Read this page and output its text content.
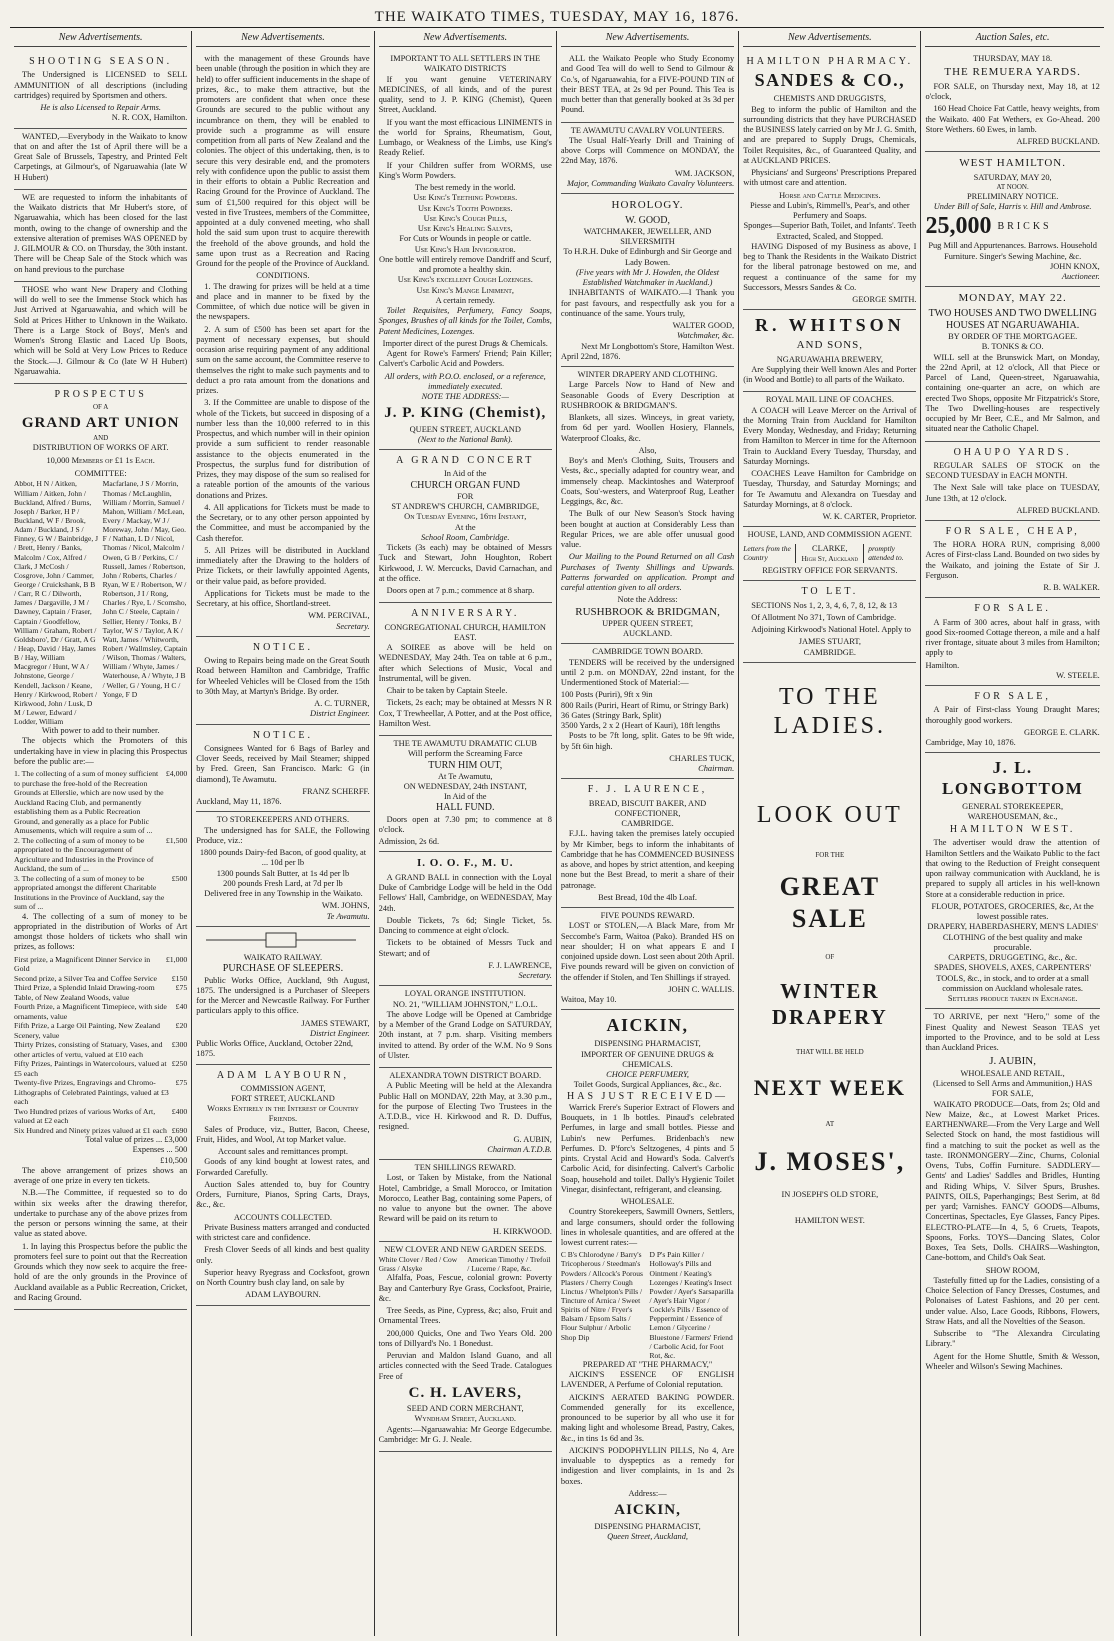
THE WAIKATO TIMES, TUESDAY, MAY 16, 1876.
New Advertisements.
SHOOTING SEASON.

The Undersigned is LICENSED to SELL AMMUNITION of all descriptions (including cartridges) required by Sportsmen and others.

He is also Licensed to Repair Arms.
N. R. COX, Hamilton.

WANTED,—Everybody in the Waikato to know that on and after the 1st of April there will be a Great Sale of Brussels, Tapestry, and Printed Felt Carpetings, at Gilmour's, of Ngaruawahia (late W H Hubert)

WE are requested to inform the inhabitants of the Waikato districts that Mr Hubert's store, of Ngaruawahia, which has been closed for the last month, owing to the change of ownership and the extensive alteration of premises WAS OPENED by J. GILMOUR & CO. on Thursday, the 30th instant. There will be Cheap Sale of the Stock which was on hand previous to the purchase

THOSE who want New Drapery and Clothing will do well to see the Immense Stock which has Just Arrived at Ngaruawahia, and which will be Sold at Prices Hither to Unknown in the Waikato. There is a Large Stock of Boys', Men's and Women's Strong Elastic and Laced Up Boots, which will be Sold at Very Low Prices to Reduce the Stock.—J. Gilmour & Co (late W H Hubert) Ngaruawahia.

PROSPECTUS
OF A
GRAND ART UNION
AND
DISTRIBUTION OF WORKS OF ART.
10,000 Members of £1 1s Each.
COMMITTEE:
Abbot, H N / Aitken, William / Aitken, John / Buckland, Alfred / Burns, Joseph / Barker, H P / Buckland, W F / Brook, Adam / Buckland, J S / Finney, G W / Bainbridge, J / Brett, Henry / Banks, Malcolm / Cox, Alfred / Clark, J McCosh / Cosgrove, John / Cammer, George / Cruickshank, B B / Carr, R C / Dilworth, James / Dargaville, J M / Dawney, Captain / Fraser, Captain / Goodfellow, William / Graham, Robert / Goldsboro', Dr / Gratt, A G / Heap, David / Hay, James B / Hay, William Macgregor / Hunt, W A / Johnstone, George / Kendell, Jackson / Keane, Henry / Kirkwood, Robert / Kirkwood, John / Lusk, D M / Lewer, Edward / Lodder, William
Macfarlane, J S / Morrin, Thomas / McLaughlin, William / Morrin, Samuel / Mahon, William / McLean, Every / Mackay, W J / Moreway, John / May, Geo. F / Nathan, L D / Nicol, Thomas / Nicol, Malcolm / Owen, G B / Perkins, C / Russell, James / Robertson, John / Roberts, Charles / Ryan, W E / Robertson, W / Robertson, J I / Rong, Charles / Rye, L / Scomsho, John C / Steele, Captain / Sellier, Henry / Tonks, B / Taylor, W S / Taylor, A K / Watt, James / Whitworth, Robert / Wallmsley, Captain / Wilson, Thomas / Walters, William / Whyte, James / Waterhouse, A / Whyte, J B / Weller, G / Young, H C / Yonge, F D
With power to add to their number.

The objects which the Promoters of this undertaking have in view in placing this Prospectus before the public are:—

1. The collecting of a sum of money sufficient to purchase the free-hold of the Recreation Grounds at Ellerslie, which are now used by the Auckland Racing Club, and permanently establishing them as a Public Recreation Ground, and generally as a place for Public Amusements, which will require a sum of ...
£4,000
2. The collecting of a sum of money to be appropriated to the Encouragement of Agriculture and Industries in the Province of Auckland, the sum of ...
£1,500
3. The collecting of a sum of money to be appropriated amongst the different Charitable Institutions in the Province of Auckland, say the sum of ...
£500

4. The collecting of a sum of money to be appropriated in the distribution of Works of Art amongst those holders of tickets who shall win prizes, as follows:

First prize, a Magnificent Dinner Service in Gold
£1,000
Second prize, a Silver Tea and Coffee Service £150
Third Prize, a Splendid Inlaid Drawing-room Table, of New Zealand Woods, value
£75
Fourth Prize, a Magnificent Timepiece, with side ornaments, value
£40
Fifth Prize, a Large Oil Painting, New Zealand Scenery, value
£20
Thirty Prizes, consisting of Statuary, Vases, and other articles of vertu, valued at £10 each
£300
Fifty Prizes, Paintings in Watercolours, valued at £5 each
£250
Twenty-five Prizes, Engravings and Chromo-Lithographs of Celebrated Paintings, valued at £3 each
£75
Two Hundred prizes of various Works of Art, valued at £2 each
£400
Six Hundred and Ninety prizes valued at £1 each £690
Total value of prizes ... £3,000
Expenses ... 500
£10,500

The above arrangement of prizes shows an average of one prize in every ten tickets.

N.B.—The Committee, if requested so to do within six weeks after the drawing therefor, undertake to purchase any of the above prizes from the person or persons winning the same, at their value as stated above.

1. In laying this Prospectus before the public the promoters feel sure to point out that the Recreation Grounds which they now seek to acquire the free-hold of are the only grounds in the Province of Auckland available as a Public Recreation, Cricket, and Racing Ground.

New Advertisements.

with the management of these Grounds have been unable (through the position in which they are held) to offer sufficient inducements in the shape of prizes, &c., to make them attractive, but the promoters are confident that when once these Grounds are secured to the public without any incumbrance on them, they will be enabled to provide such a programme as will ensure competition from all parts of New Zealand and the colonies. The object of this undertaking, then, is to secure this very desirable end, and the promoters rely with confidence upon the public to assist them in their efforts to obtain a Public Recreation and Racing Ground for the Province of Auckland. The sum of £1,500 required for this object will be vested in five Trustees, members of the Committee, appointed at a duly convened meeting, who shall hold the said sum upon trust to acquire therewith the freehold of the above grounds, and hold the same upon trust as a Recreation and Racing Ground for the people of the Province of Auckland.

CONDITIONS.

1. The drawing for prizes will be held at a time and place and in manner to be fixed by the Committee, of which due notice will be given in the newspapers.

2. A sum of £500 has been set apart for the payment of necessary expenses, but should occasion arise requiring payment of any additional sum on the same account, the Committee reserve to themselves the right to make such payments and to deduct a pro rata amount from the donations and prizes.

3. If the Committee are unable to dispose of the whole of the Tickets, but succeed in disposing of a number less than the 10,000 referred to in this Prospectus, and which number will in their opinion provide a sum sufficient to render reasonable assistance to the objects enumerated in the Prospectus, the surplus fund for distribution of Prizes, they may dispose of the sum so realised for a rateable portion of the amounts of the various donations and Prizes.

4. All applications for Tickets must be made to the Secretary, or to any other person appointed by the Committee, and must be accompanied by the Cash therefor.

5. All Prizes will be distributed in Auckland immediately after the Drawing to the holders of Prize Tickets, or their lawfully appointed Agents, or their value paid, as before provided.

Applications for Tickets must be made to the Secretary, at his office, Shortland-street.

WM. PERCIVAL,
Secretary.
NOTICE.

Owing to Repairs being made on the Great South Road between Hamilton and Cambridge, Traffic for Wheeled Vehicles will be Closed from the 15th to 30th May, at Martyn's Bridge. By order.

A. C. TURNER,
District Engineer.
NOTICE.

Consignees Wanted for 6 Bags of Barley and Clover Seeds, received by Mail Steamer; shipped by Fred. Green, San Francisco. Mark: G (in diamond), Te Awamutu.

FRANZ SCHERFF.
Auckland, May 11, 1876.
TO STOREKEEPERS AND OTHERS.

The undersigned has for SALE, the Following Produce, viz.:

1800 pounds Dairy-fed Bacon, of good quality, at ... 10d per lb
1300 pounds Salt Butter, at 1s 4d per lb
200 pounds Fresh Lard, at 7d per lb

Delivered free in any Township in the Waikato.

WM. JOHNS,
Te Awamutu.
WAIKATO RAILWAY.
PURCHASE OF SLEEPERS.

Public Works Office, Auckland, 9th August, 1875. The undersigned is a Purchaser of Sleepers for the Mercer and Newcastle Railway. For Further particulars apply to this office.

JAMES STEWART,
District Engineer.
Public Works Office, Auckland, October 22nd, 1875.
ADAM LAYBOURN,
COMMISSION AGENT,
FORT STREET, AUCKLAND
Works Entirely in the Interest of Country Friends.

Sales of Produce, viz., Butter, Bacon, Cheese, Fruit, Hides, and Wool, At top Market value.

Account sales and remittances prompt.

Goods of any kind bought at lowest rates, and Forwarded Carefully.

Auction Sales attended to, buy for Country Orders, Furniture, Pianos, Spring Carts, Drays, &c., &c.

ACCOUNTS COLLECTED.

Private Business matters arranged and conducted with strictest care and confidence.

Fresh Clover Seeds of all kinds and best quality only.

Superior heavy Ryegrass and Cocksfoot, grown on North Country bush clay land, on sale by

ADAM LAYBOURN.
New Advertisements.
IMPORTANT TO ALL SETTLERS IN THE WAIKATO DISTRICTS

If you want genuine VETERINARY MEDICINES, of all kinds, and of the purest quality, send to J. P. KING (Chemist), Queen Street, Auckland.

If you want the most efficacious LINIMENTS in the world for Sprains, Rheumatism, Gout, Lumbago, or Weakness of the Limbs, use King's Ready Relief.

If your Children suffer from WORMS, use King's Worm Powders.

The best remedy in the world.
Use King's Teething Powders.
Use King's Tooth Powders.
Use King's Cough Pills,
Use King's Healing Salves,
For Cuts or Wounds in people or cattle.
Use King's Hair Invigorator.
One bottle will entirely remove Dandriff and Scurf, and promote a healthy skin.
Use King's excellent Cough Lozenges.
Use King's Mange Liniment,
A certain remedy.

Toilet Requisites, Perfumery, Fancy Soaps, Sponges, Brushes of all kinds for the Toilet, Combs, Patent Medicines, Lozenges.

Importer direct of the purest Drugs & Chemicals.

Agent for Rowe's Farmers' Friend; Pain Killer; Calvert's Carbolic Acid and Powders.

All orders, with P.O.O. enclosed, or a reference, immediately executed.
NOTE THE ADDRESS:—
J. P. KING (Chemist),
QUEEN STREET, AUCKLAND
(Next to the National Bank).
A GRAND CONCERT
In Aid of the
CHURCH ORGAN FUND
FOR
ST ANDREW'S CHURCH, CAMBRIDGE,
On Tuesday Evening, 16th Instant,
At the
School Room, Cambridge.

Tickets (3s each) may be obtained of Messrs Tuck and Stewart, John Houghton, Robert Kirkwood, J. W. Mercucks, David Carnachan, and at the office.

Doors open at 7 p.m.; commence at 8 sharp.

ANNIVERSARY.
CONGREGATIONAL CHURCH, HAMILTON EAST.

A SOIREE as above will be held on WEDNESDAY, May 24th. Tea on table at 6 p.m., after which Selections of Music, Vocal and Instrumental, will be given.

Chair to be taken by Captain Steele.

Tickets, 2s each; may be obtained at Messrs N R Cox, T Trewheellar, A Potter, and at the Post office, Hamilton West.

THE TE AWAMUTU DRAMATIC CLUB
Will perform the Screaming Farce
TURN HIM OUT,
At Te Awamutu,
ON WEDNESDAY, 24th INSTANT,
In Aid of the
HALL FUND.

Doors open at 7.30 pm; to commence at 8 o'clock.

Admission, 2s 6d.
I. O. O. F., M. U.

A GRAND BALL in connection with the Loyal Duke of Cambridge Lodge will be held in the Odd Fellows' Hall, Cambridge, on WEDNESDAY, May 24th.

Double Tickets, 7s 6d; Single Ticket, 5s. Dancing to commence at eight o'clock.

Tickets to be obtained of Messrs Tuck and Stewart; and of

F. J. LAWRENCE,
Secretary.
LOYAL ORANGE INSTITUTION.
NO. 21, "WILLIAM JOHNSTON," L.O.L.

The above Lodge will be Opened at Cambridge by a Member of the Grand Lodge on SATURDAY, 20th instant, at 7 p.m. sharp. Visiting members invited to attend. By order of the W.M. No 9 Sons of Ulster.

ALEXANDRA TOWN DISTRICT BOARD.

A Public Meeting will be held at the Alexandra Public Hall on MONDAY, 22th May, at 3.30 p.m., for the purpose of Electing Two Trustees in the A.T.D.B., vice H. Kirkwood and R. D. Duffus, resigned.

G. AUBIN,
Chairman A.T.D.B.
TEN SHILLINGS REWARD.

Lost, or Taken by Mistake, from the National Hotel, Cambridge, a Small Morocco, or Imitation Morocco, Leather Bag, containing some Papers, of no value to anyone but the owner. The above Reward will be paid on its return to

H. KIRKWOOD.
NEW CLOVER AND NEW GARDEN SEEDS.
White Clover / Red / Cow Grass / Alsyke
American Timothy / Trefoil / Lucerne / Rape, &c.

Alfalfa, Poas, Fescue, colonial grown: Poverty Bay and Canterbury Rye Grass, Cocksfoot, Prairie, &c.

Tree Seeds, as Pine, Cypress, &c; also, Fruit and Ornamental Trees.

200,000 Quicks, One and Two Years Old. 200 tons of Dillyard's No. 1 Bonedust.

Peruvian and Maldon Island Guano, and all articles connected with the Seed Trade. Catalogues Free of

C. H. LAVERS,
SEED AND CORN MERCHANT,
Wyndham Street, Auckland.

Agents:—Ngaruawahia: Mr George Edgecumbe. Cambridge: Mr G. J. Neale.

New Advertisements.

ALL the Waikato People who Study Economy and Good Tea will do well to Send to Gilmour & Co.'s, of Ngaruawahia, for a FIVE-POUND TIN of their BEST TEA, at 2s 9d per Pound. This Tea is much better than that generally booked at 3s 3d per Pound.

TE AWAMUTU CAVALRY VOLUNTEERS.

The Usual Half-Yearly Drill and Training of above Corps will Commence on MONDAY, the 22nd May, 1876.

WM. JACKSON,
Major, Commanding Waikato Cavalry Volunteers.
HOROLOGY.
W. GOOD,
WATCHMAKER, JEWELLER, AND SILVERSMITH
To H.R.H. Duke of Edinburgh and Sir George and Lady Bowen.
(Five years with Mr J. Howden, the Oldest Established Watchmaker in Auckland.)

INHABITANTS of WAIKATO.—I Thank you for past favours, and respectfully ask you for a continuance of the same. Yours truly,

WALTER GOOD,
Watchmaker, &c.
Next Mr Longbottom's Store, Hamilton West.
April 22nd, 1876.
WINTER DRAPERY AND CLOTHING.

Large Parcels Now to Hand of New and Seasonable Goods of Every Description at RUSHBROOK & BRIDGMAN'S.

Blankets, all sizes. Winceys, in great variety, from 6d per yard. Woollen Hosiery, Flannels, Waterproof Cloaks, &c.

Also,

Boy's and Men's Clothing, Suits, Trousers and Vests, &c., specially adapted for country wear, and immensely cheap. Mackintoshes and Waterproof Coats, Sou'-westers, and Waterproof Rug, Leather Leggings, &c, &c.

The Bulk of our New Season's Stock having been bought at auction at Considerably Less than Regular Prices, we are able offer unusual good value.

Our Mailing to the Pound Returned on all Cash Purchases of Twenty Shillings and Upwards. Patterns forwarded on application. Prompt and careful attention given to all orders.

Note the Address:
RUSHBROOK & BRIDGMAN,
UPPER QUEEN STREET,
AUCKLAND.
CAMBRIDGE TOWN BOARD.

TENDERS will be received by the undersigned until 2 p.m. on MONDAY, 22nd instant, for the Undermentioned Stock of Material:—

100 Posts (Puriri), 9ft x 9in
800 Rails (Puriri, Heart of Rimu, or Stringy Bark)
36 Gates (Stringy Bark, Split)
3500 Yards, 2 x 2 (Heart of Kauri), 18ft lengths

Posts to be 7ft long, split. Gates to be 9ft wide, by 5ft 6in high.

CHARLES TUCK,
Chairman.
F. J. LAURENCE,
BREAD, BISCUIT BAKER, AND CONFECTIONER,
CAMBRIDGE.

F.J.L. having taken the premises lately occupied by Mr Kimber, begs to inform the inhabitants of Cambridge that he has COMMENCED BUSINESS as above, and hopes by strict attention, and keeping none but the Best Bread, to merit a share of their patronage.

Best Bread, 10d the 4lb Loaf.
FIVE POUNDS REWARD.

LOST or STOLEN,—A Black Mare, from Mr Seccombe's Farm, Waitoa (Pako). Branded HS on near shoulder; H on what appears E and I conjoined upside down. Lost seen about 20th April. Five pounds reward will be given on conviction of the offender if Stolen, and Ten Shillings if strayed.

JOHN C. WALLIS.
Waitoa, May 10.
AICKIN,
DISPENSING PHARMACIST,
IMPORTER OF GENUINE DRUGS & CHEMICALS.
CHOICE PERFUMERY,
Toilet Goods, Surgical Appliances, &c., &c.
HAS JUST RECEIVED—

Warrick Frere's Superior Extract of Flowers and Bouquets, in 1 lb bottles. Pinaud's celebrated Perfumes, in large and small bottles. Piesse and Lubin's new Perfumes. Bridenbach's new Perfumes. D. P'forc's Seltzogenes, 4 pints and 5 pints. Crystal Acid and Howard's Soda. Calvert's Carbolic Acid, for disinfecting. Calvert's Carbolic Soap, household and toilet. Dally's Hygienic Toilet Vinegar, disinfectant, refrigerant, and cleansing.

WHOLESALE.

Country Storekeepers, Sawmill Owners, Settlers, and large consumers, should order the following lines in wholesale quantities, and are offered at the lowest current rates:—

C B's Chlorodyne / Barry's Tricopherous / Steedman's Powders / Allcock's Porous Plasters / Cherry Cough Linctus / Whelpton's Pills / Tincture of Arnica / Sweet Spirits of Nitre / Fryer's Balsam / Epsom Salts / Flour Sulphur / Arbolic Shop Dip
D P's Pain Killer / Holloway's Pills and Ointment / Keating's Lozenges / Keating's Insect Powder / Ayer's Sarsaparilla / Ayer's Hair Vigor / Cockle's Pills / Essence of Peppermint / Essence of Lemon / Glycerine / Bluestone / Farmers' Friend / Carbolic Acid, for Foot Rot, &c.
PREPARED AT "THE PHARMACY,"

AICKIN'S ESSENCE OF ENGLISH LAVENDER, A Perfume of Colonial reputation.

AICKIN'S AERATED BAKING POWDER. Commended generally for its excellence, pronounced to be superior by all who use it for making light and wholesome Bread, Pastry, Cakes, &c., in tins 1s 6d and 3s.

AICKIN'S PODOPHYLLIN PILLS, No 4, Are invaluable to dyspeptics as a remedy for indigestion and liver complaints, in 1s and 2s boxes.

Address:—
AICKIN,
DISPENSING PHARMACIST,
Queen Street, Auckland,
New Advertisements.
HAMILTON PHARMACY.
SANDES & CO.,
CHEMISTS AND DRUGGISTS,

Beg to inform the public of Hamilton and the surrounding districts that they have PURCHASED the BUSINESS lately carried on by Mr J. G. Smith, and are prepared to Supply Drugs, Chemicals, Toilet Requisites, &c., of Guaranteed Quality, and at AUCKLAND PRICES.

Physicians' and Surgeons' Prescriptions Prepared with utmost care and attention.

Horse and Cattle Medicines.
Piesse and Lubin's, Rimmell's, Pear's, and other Perfumery and Soaps.
Sponges—Superior Bath, Toilet, and Infants'. Teeth Extracted, Scaled, and Stopped.

HAVING Disposed of my Business as above, I beg to Thank the Residents in the Waikato District for the liberal patronage bestowed on me, and request a continuance of the same for my Successors, Messrs Sandes & Co.

GEORGE SMITH.
R. WHITSON
AND SONS,
NGARUAWAHIA BREWERY,

Are Supplying their Well known Ales and Porter (in Wood and Bottle) to all parts of the Waikato.

ROYAL MAIL LINE OF COACHES.

A COACH will Leave Mercer on the Arrival of the Morning Train from Auckland for Hamilton Every Monday, Wednesday, and Friday; Returning from Hamilton to Mercer in time for the Afternoon Train to Auckland Every Tuesday, Thursday, and Saturday Mornings.

COACHES Leave Hamilton for Cambridge on Tuesday, Thursday, and Saturday Mornings; and for Te Awamutu and Alexandra on Tuesday and Saturday Mornings, at 8 o'clock.

W. K. CARTER, Proprietor.
HOUSE, LAND, AND COMMISSION AGENT.
Letters from the Country
CLARKE,
High St, Auckland
promptly attended to.
REGISTRY OFFICE FOR SERVANTS.
TO LET.

SECTIONS Nos 1, 2, 3, 4, 6, 7, 8, 12, & 13

Of Allotment No 371, Town of Cambridge.

Adjoining Kirkwood's National Hotel. Apply to

JAMES STUART,
CAMBRIDGE.
TO THE LADIES.
LOOK OUT
FOR THE
GREAT SALE
OF
WINTER DRAPERY
THAT WILL BE HELD
NEXT WEEK
AT
J. MOSES',
IN JOSEPH'S OLD STORE,
HAMILTON WEST.
Auction Sales, etc.
THURSDAY, MAY 18.
THE REMUERA YARDS.

FOR SALE, on Thursday next, May 18, at 12 o'clock,

160 Head Choice Fat Cattle, heavy weights, from the Waikato. 400 Fat Wethers, ex Go-Ahead. 200 Store Wethers. 60 Ewes, in lamb.

ALFRED BUCKLAND.
WEST HAMILTON.
SATURDAY, MAY 20,
AT NOON.
PRELIMINARY NOTICE.
Under Bill of Sale, Harris v. Hill and Ambrose.
25,000 BRICKS
Pug Mill and Appurtenances. Barrows. Household Furniture. Singer's Sewing Machine, &c.
JOHN KNOX,
Auctioneer.
MONDAY, MAY 22.
TWO HOUSES AND TWO DWELLING HOUSES AT NGARUAWAHIA.
BY ORDER OF THE MORTGAGEE.
B. TONKS & CO.

WILL sell at the Brunswick Mart, on Monday, the 22nd April, at 12 o'clock, All that Piece or Parcel of Land, Queen-street, Ngaruawahia, containing one-quarter an acre, on which are erected Two Shops, opposite Mr Fitzpatrick's Store, The Two Dwelling-houses are respectively occupied by Mr Beer, C.E., and Mr Salmon, and situated near the Catholic Chapel.

OHAUPO YARDS.

REGULAR SALES OF STOCK on the SECOND TUESDAY in EACH MONTH.

The Next Sale will take place on TUESDAY, June 13th, at 12 o'clock.

ALFRED BUCKLAND.
FOR SALE, CHEAP,

The HORA HORA RUN, comprising 8,000 Acres of First-class Land. Bounded on two sides by the Waikato, and joining the Estate of Sir J. Ferguson.

R. B. WALKER.
FOR SALE.

A Farm of 300 acres, about half in grass, with good Six-roomed Cottage thereon, a mile and a half river frontage, situate about 3 miles from Hamilton; apply to

Hamilton.
W. STEELE.
FOR SALE,

A Pair of First-class Young Draught Mares; thoroughly good workers.

GEORGE E. CLARK.
Cambridge, May 10, 1876.
J. L. LONGBOTTOM
GENERAL STOREKEEPER,
WAREHOUSEMAN, &c.,
HAMILTON WEST.

The advertiser would draw the attention of Hamilton Settlers and the Waikato Public to the fact that owing to the Reduction of Freight consequent upon railway communication with Auckland, he is prepared to supply all articles in his well-known Store at a considerable reduction in price.

FLOUR, POTATOES, GROCERIES, &c, At the lowest possible rates.
DRAPERY, HABERDASHERY, MEN'S LADIES' CLOTHING of the best quality and make procurable.
CARPETS, DRUGGETING, &c., &c.
SPADES, SHOVELS, AXES, CARPENTERS' TOOLS, &c., in stock, and to order at a small commission on Auckland wholesale rates.
Settlers produce taken in Exchange.

TO ARRIVE, per next "Hero," some of the Finest Quality and Newest Season TEAS yet imported to the Province, and to be sold at Less than Auckland Prices.

J. AUBIN,
WHOLESALE AND RETAIL,
(Licensed to Sell Arms and Ammunition,) HAS FOR SALE,

WAIKATO PRODUCE—Oats, from 2s; Old and New Maize, &c., at Lowest Market Prices. EARTHENWARE—From the Very Large and Well Selected Stock on hand, the most fastidious will find a matching to suit the pocket as well as the taste. IRONMONGERY—Zinc, Churns, Colonial Ovens, Tubs, Coffin Furniture. SADDLERY—Gents' and Ladies' Saddles and Bridles, Hunting and Riding Whips, V. Silver Spurs, Brushes. PAINTS, OILS, Paperhangings; Best Serim, at 8d per yard; Varnishes. FANCY GOODS—Albums, Concertinas, Spectacles, Eye Glasses, Fancy Pipes. ELECTRO-PLATE—In 4, 5, 6 Cruets, Teapots, Spoons, Forks. TOYS—Dancing Slates, Color Boxes, Tea Sets, Dolls. CHAIRS—Washington, Cane-bottom, and Child's Oak Seat.

SHOW ROOM,

Tastefully fitted up for the Ladies, consisting of a Choice Selection of Fancy Dresses, Costumes, and Polonaises of Latest Fashions, and 20 per cent. under value. Also, Lace Goods, Ribbons, Flowers, Straw Hats, and all the Novelties of the Season.

Subscribe to "The Alexandra Circulating Library."

Agent for the Home Shuttle, Smith & Wesson, Wheeler and Wilson's Sewing Machines.
